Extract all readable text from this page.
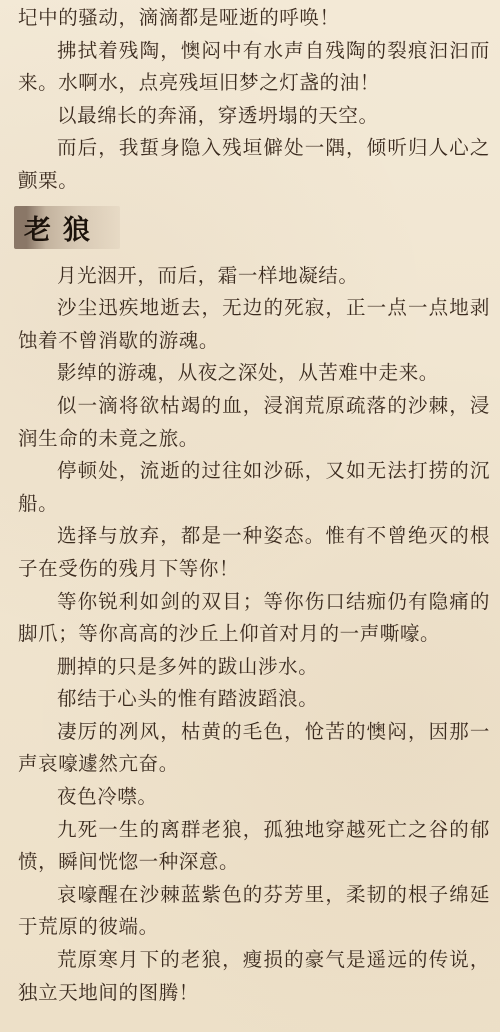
圮中的骚动，滴滴都是哑逝的呼唤！

拂拭着残陶，懊闷中有水声自残陶的裂痕汩汩而来。水啊水，点亮残垣旧梦之灯盏的油！

以最绵长的奔涌，穿透坍塌的天空。

而后，我蜇身隐入残垣僻处一隅，倾听归人心之颤栗。

老狼

月光洇开，而后，霜一样地凝结。

沙尘迅疾地逝去，无边的死寂，正一点一点地剥蚀着不曾消歇的游魂。

影绰的游魂，从夜之深处，从苦难中走来。

似一滴将欲枯竭的血，浸润荒原疏落的沙棘，浸润生命的未竟之旅。

停顿处，流逝的过往如沙砾，又如无法打捞的沉船。

选择与放弃，都是一种姿态。惟有不曾绝灭的根子在受伤的残月下等你！

等你锐利如剑的双目；等你伤口结痂仍有隐痛的脚爪；等你高高的沙丘上仰首对月的一声嘶嚎。

删掉的只是多舛的跋山涉水。

郁结于心头的惟有踏波蹈浪。

凄厉的冽风，枯黄的毛色，怆苦的懊闷，因那一声哀嚎遽然亢奋。

夜色冷噤。

九死一生的离群老狼，孤独地穿越死亡之谷的郁愤，瞬间恍惚一种深意。

哀嚎醒在沙棘蓝紫色的芬芳里，柔韧的根子绵延于荒原的彼端。

荒原寒月下的老狼，瘦损的豪气是遥远的传说，独立天地间的图腾！
